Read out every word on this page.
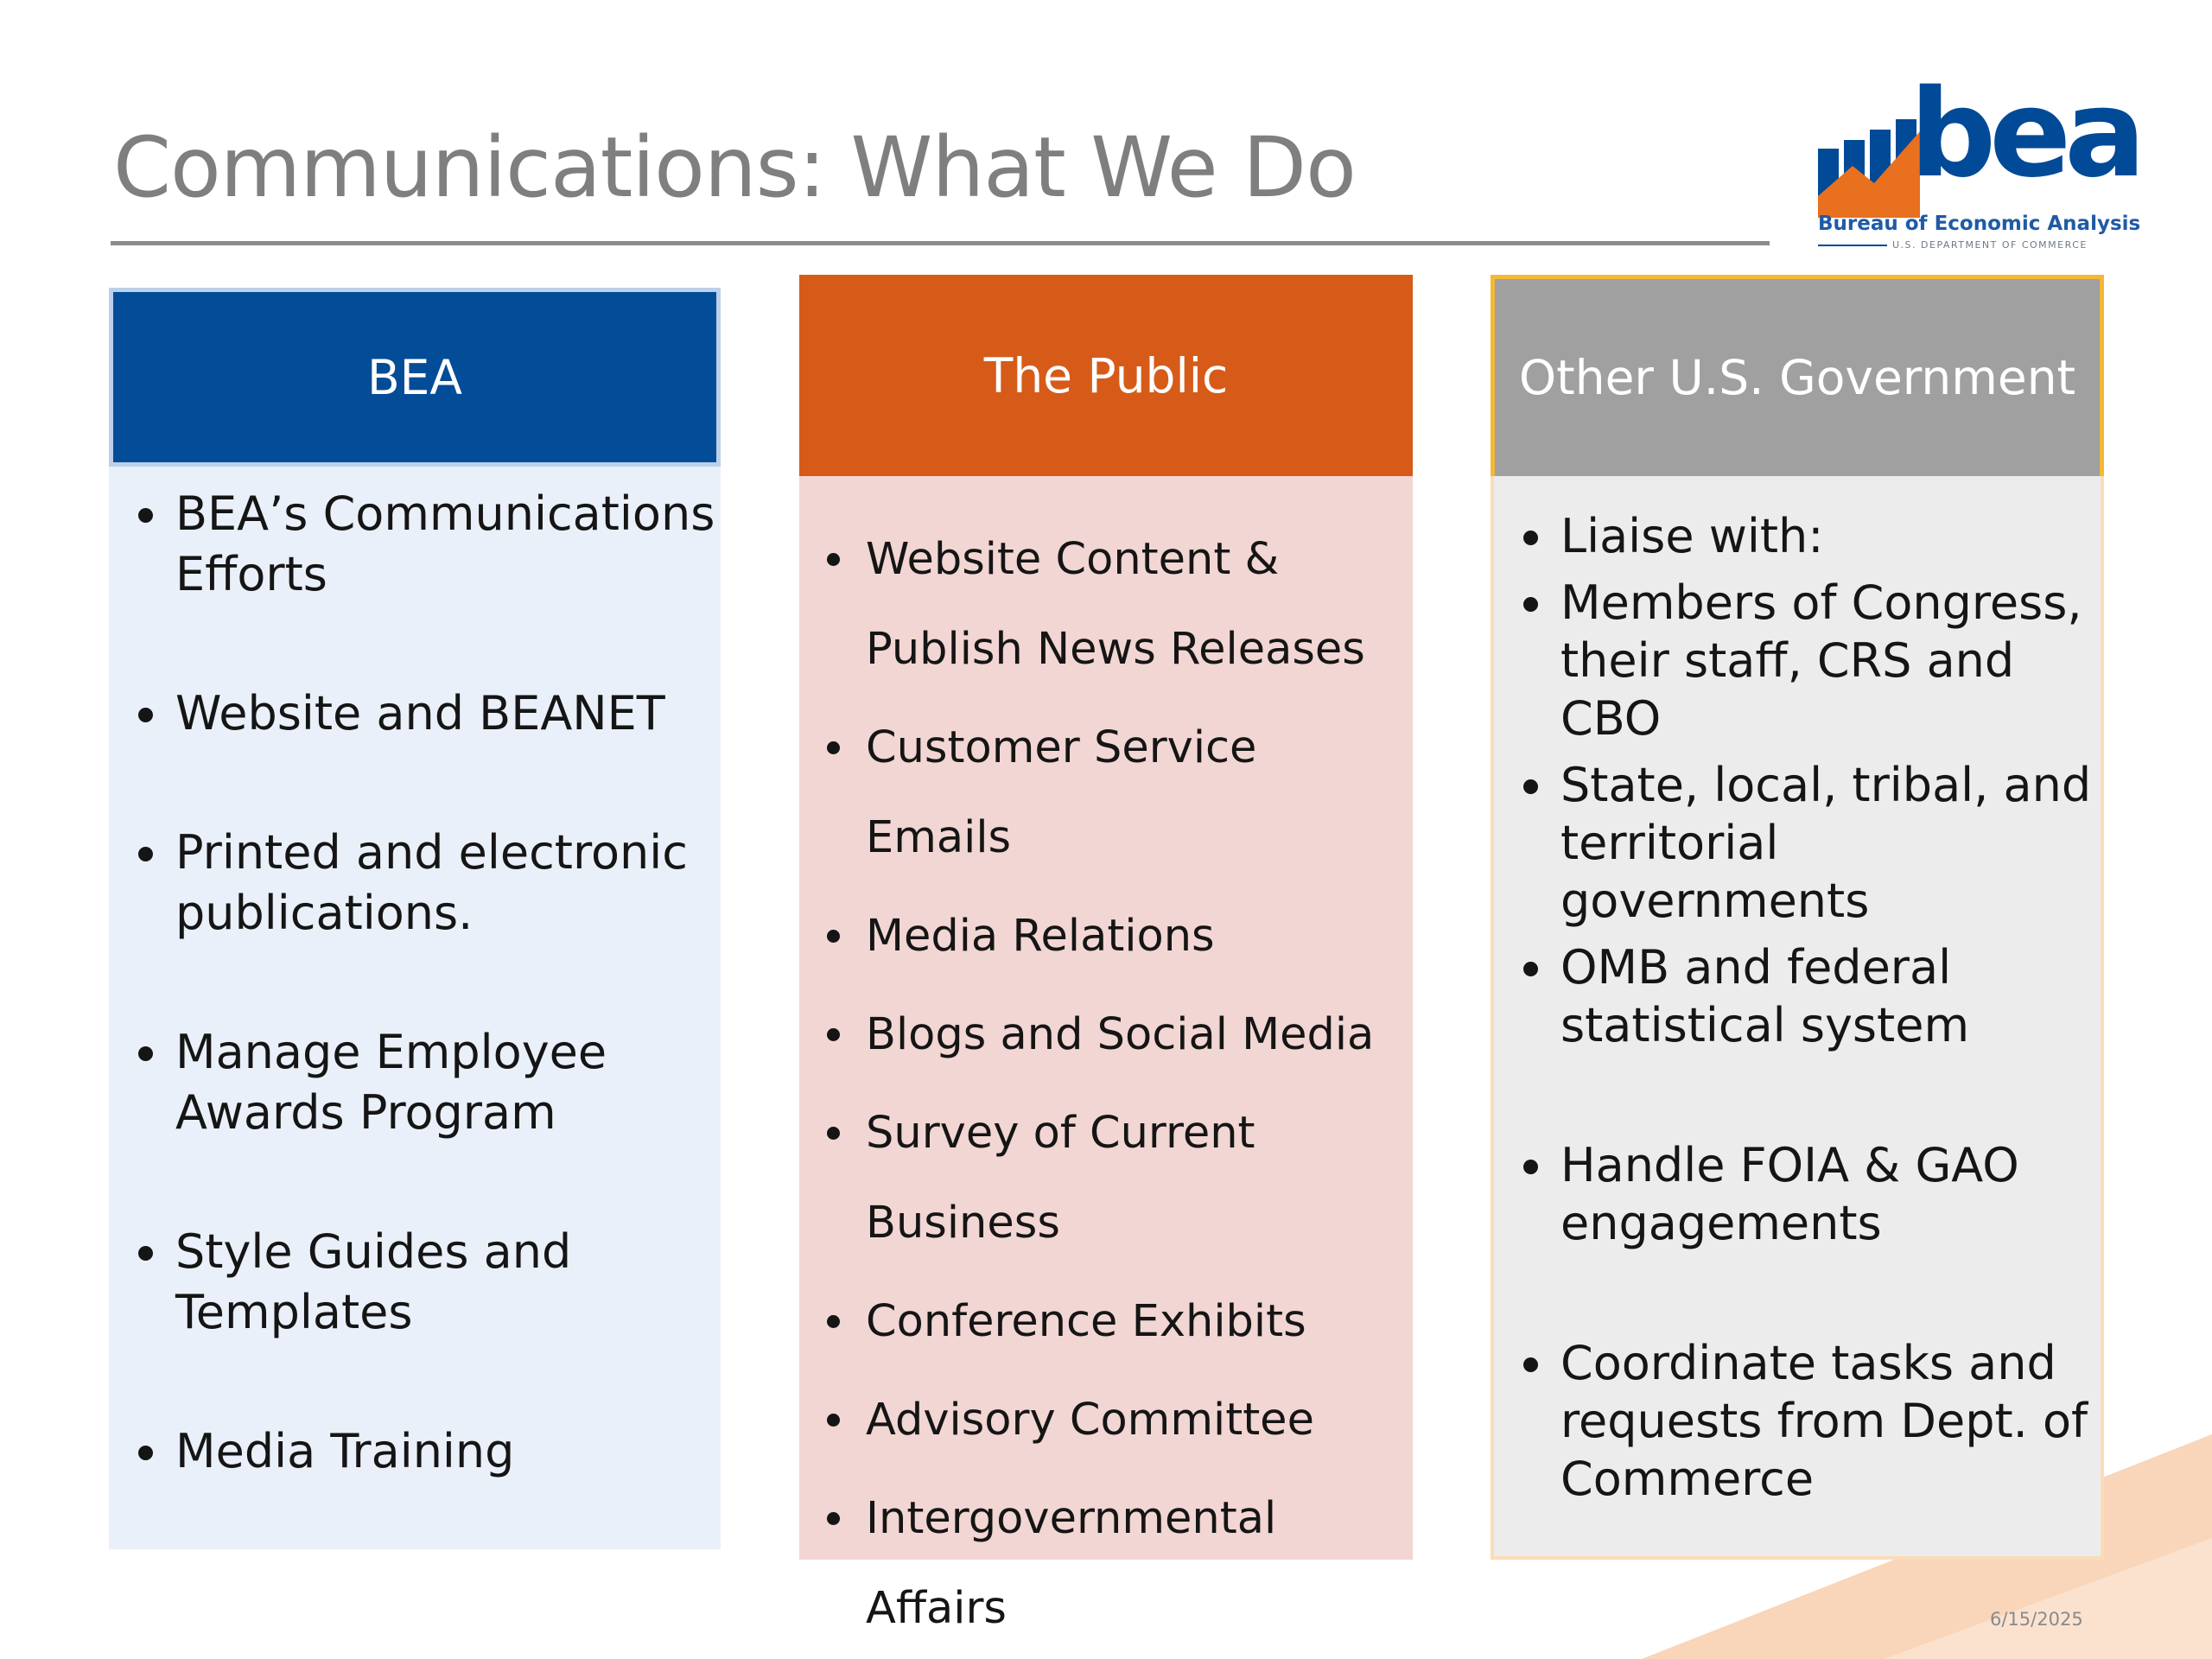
Communications: What We Do	bea
Bureau of Economic Analysis
U.S. DEPARTMENT OF COMMERCE
BEA
BEA’s Communications Efforts
Website and BEANET
Printed and electronic publications.
Manage Employee Awards Program
Style Guides and Templates
Media Training
The Public
Website Content & Publish News Releases
Customer Service Emails
Media Relations
Blogs and Social Media
Survey of Current Business
Conference Exhibits
Advisory Committee
Intergovernmental Affairs
Other U.S. Government
Liaise with:
Members of Congress, their staff, CRS and CBO
State, local, tribal, and territorial governments
OMB and federal statistical system
Handle FOIA & GAO engagements
Coordinate tasks and requests from Dept. of Commerce
6/15/2025
